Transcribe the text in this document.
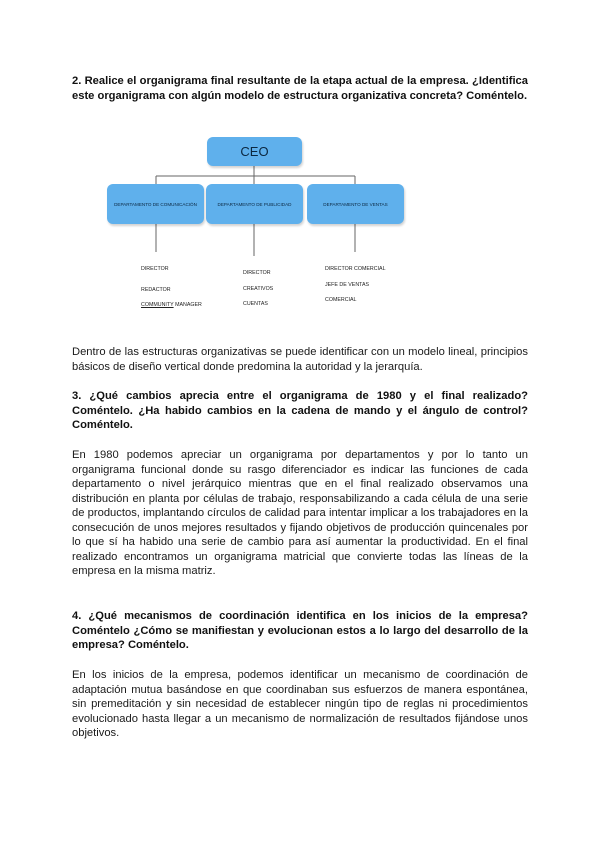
2. Realice el organigrama final resultante de la etapa actual de la empresa. ¿Identifica este organigrama con algún modelo de estructura organizativa concreta? Coméntelo.

CEO
DEPARTAMENTO DE COMUNICACIÓN	DEPARTAMENTO DE PUBLICIDAD	DEPARTAMENTO DE VENTAS
DIRECTOR
REDACTOR
COMMUNITY MANAGER
DIRECTOR
CREATIVOS
CUENTAS
DIRECTOR COMERCIAL
JEFE DE VENTAS
COMERCIAL

Dentro de las estructuras organizativas se puede identificar con un modelo lineal, principios básicos de diseño vertical donde predomina la autoridad y la jerarquía.

3. ¿Qué cambios aprecia entre el organigrama de 1980 y el final realizado? Coméntelo. ¿Ha habido cambios en la cadena de mando y el ángulo de control? Coméntelo.

En 1980 podemos apreciar un organigrama por departamentos y por lo tanto un organigrama funcional donde su rasgo diferenciador es indicar las funciones de cada departamento o nivel jerárquico mientras que en el final realizado observamos una distribución en planta por células de trabajo, responsabilizando a cada célula de una serie de productos, implantando círculos de calidad para intentar implicar a los trabajadores en la consecución de unos mejores resultados y fijando objetivos de producción quincenales por lo que sí ha habido una serie de cambio para así aumentar la productividad. En el final realizado encontramos un organigrama matricial que convierte todas las líneas de la empresa en la misma matriz.

4. ¿Qué mecanismos de coordinación identifica en los inicios de la empresa? Coméntelo ¿Cómo se manifiestan y evolucionan estos a lo largo del desarrollo de la empresa? Coméntelo.

En los inicios de la empresa, podemos identificar un mecanismo de coordinación de adaptación mutua basándose en que coordinaban sus esfuerzos de manera espontánea, sin premeditación y sin necesidad de establecer ningún tipo de reglas ni procedimientos evolucionado hasta llegar a un mecanismo de normalización de resultados fijándose unos objetivos.
